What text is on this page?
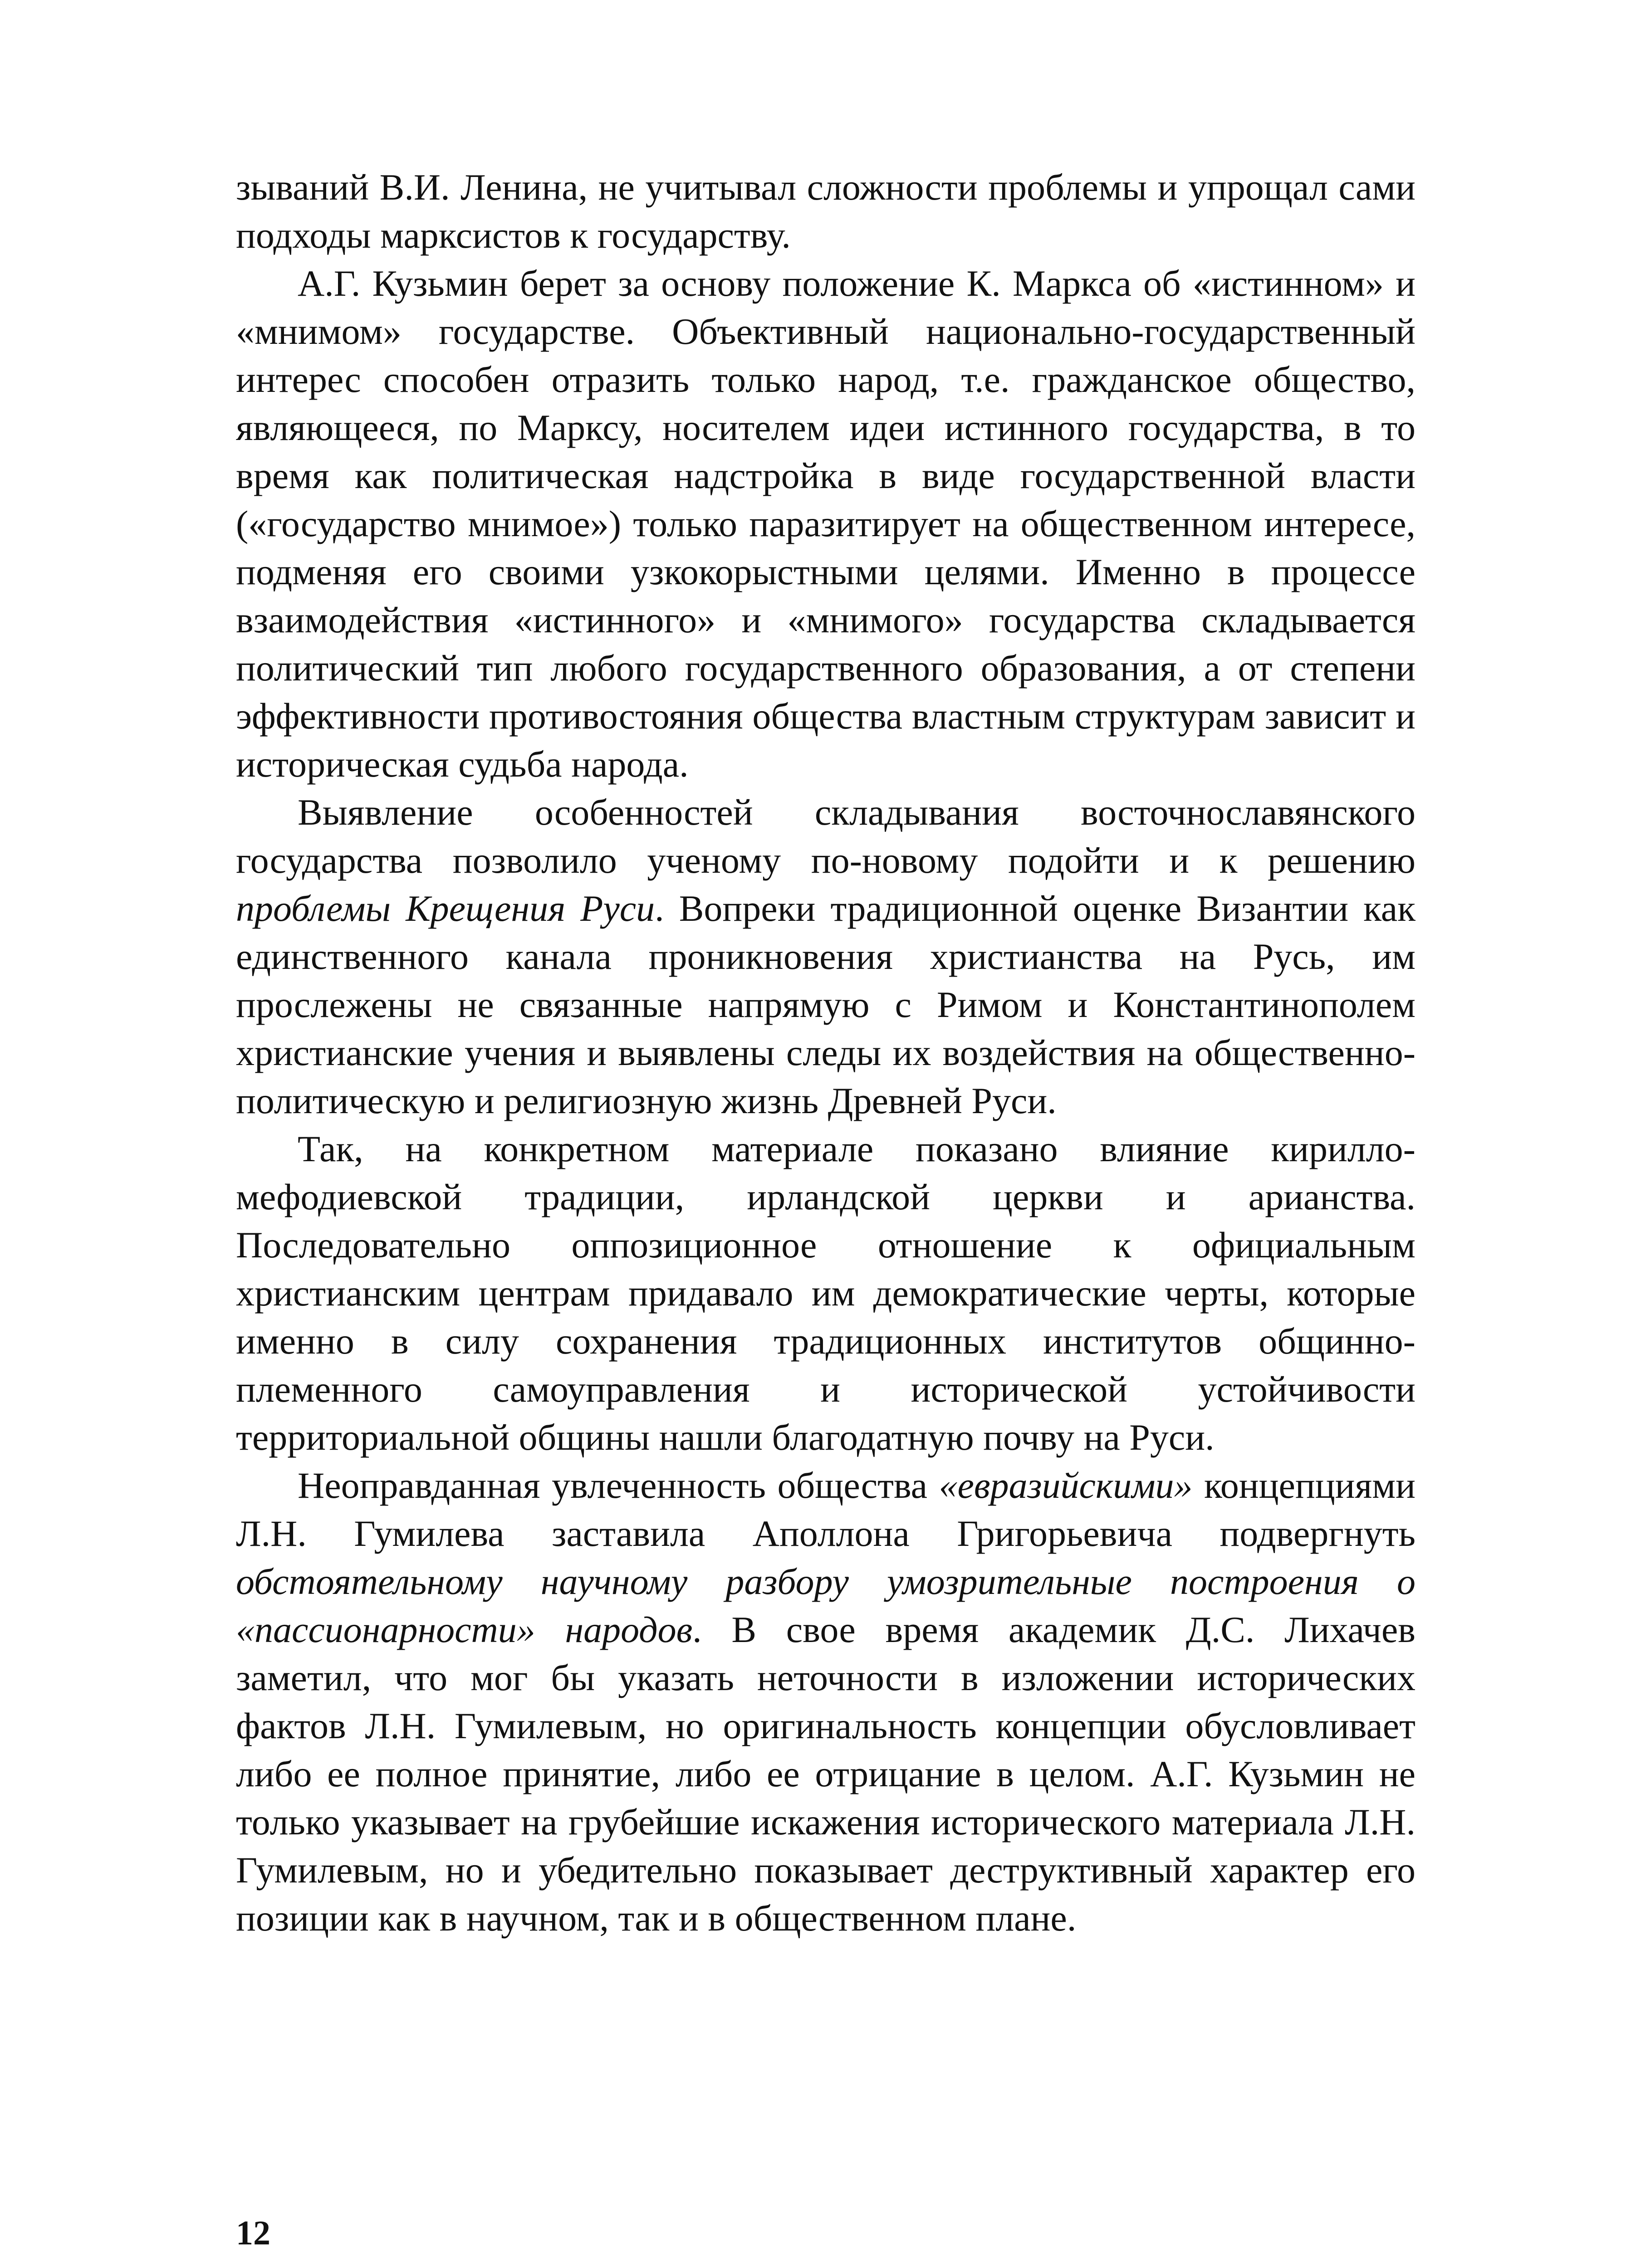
зываний В.И. Ленина, не учитывал сложности проблемы и упрощал сами подходы марксистов к государству.

А.Г. Кузьмин берет за основу положение К. Маркса об «истинном» и «мнимом» государстве. Объективный национально-государственный интерес способен отразить только народ, т.е. гражданское общество, являющееся, по Марксу, носителем идеи истинного государства, в то время как политическая надстройка в виде государственной власти («государство мнимое») только паразитирует на общественном интересе, подменяя его своими узкокорыстными целями. Именно в процессе взаимодействия «истинного» и «мнимого» государства складывается политический тип любого государственного образования, а от степени эффективности противостояния общества властным структурам зависит и историческая судьба народа.

Выявление особенностей складывания восточнославянского государства позволило ученому по-новому подойти и к решению проблемы Крещения Руси. Вопреки традиционной оценке Византии как единственного канала проникновения христианства на Русь, им прослежены не связанные напрямую с Римом и Константинополем христианские учения и выявлены следы их воздействия на общественно-политическую и религиозную жизнь Древней Руси.

Так, на конкретном материале показано влияние кирилло-мефодиевской традиции, ирландской церкви и арианства. Последовательно оппозиционное отношение к официальным христианским центрам придавало им демократические черты, которые именно в силу сохранения традиционных институтов общинно-племенного самоуправления и исторической устойчивости территориальной общины нашли благодатную почву на Руси.

Неоправданная увлеченность общества «евразийскими» концепциями Л.Н. Гумилева заставила Аполлона Григорьевича подвергнуть обстоятельному научному разбору умозрительные построения о «пассионарности» народов. В свое время академик Д.С. Лихачев заметил, что мог бы указать неточности в изложении исторических фактов Л.Н. Гумилевым, но оригинальность концепции обусловливает либо ее полное принятие, либо ее отрицание в целом. А.Г. Кузьмин не только указывает на грубейшие искажения исторического материала Л.Н. Гумилевым, но и убедительно показывает деструктивный характер его позиции как в научном, так и в общественном плане.

12
